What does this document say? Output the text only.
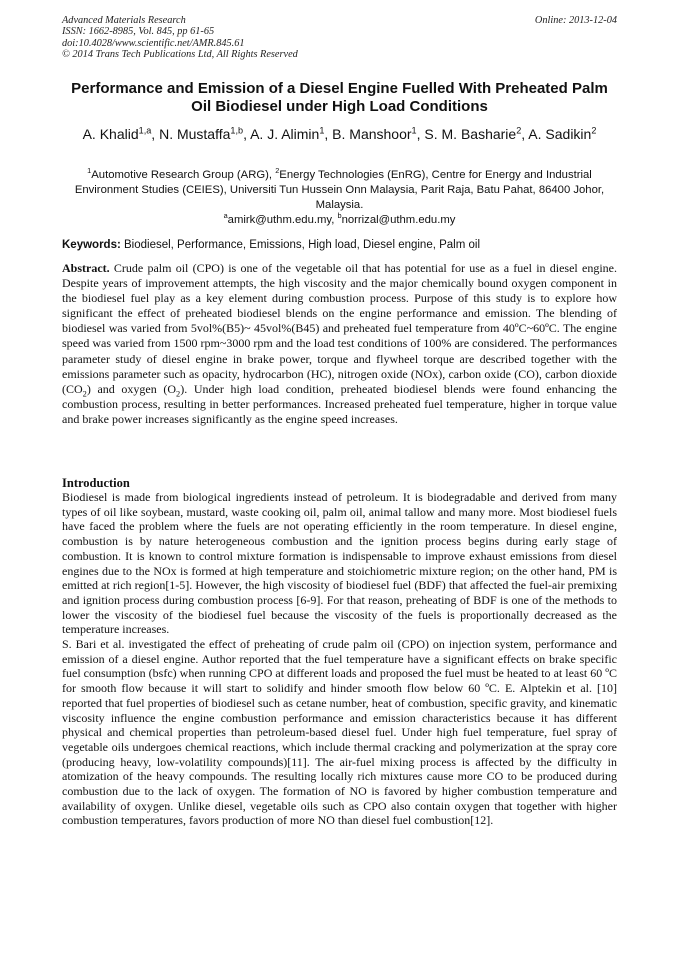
Advanced Materials Research
ISSN: 1662-8985, Vol. 845, pp 61-65
doi:10.4028/www.scientific.net/AMR.845.61
© 2014 Trans Tech Publications Ltd, All Rights Reserved
Online: 2013-12-04
Performance and Emission of a Diesel Engine Fuelled With Preheated Palm Oil Biodiesel under High Load Conditions
A. Khalid$^{1,a}$, N. Mustaffa$^{1,b}$, A. J. Alimin$^1$, B. Manshoor$^1$, S. M. Basharie$^2$, A. Sadikin$^2$
$^1$Automotive Research Group (ARG), $^2$Energy Technologies (EnRG), Centre for Energy and Industrial Environment Studies (CEIES), Universiti Tun Hussein Onn Malaysia, Parit Raja, Batu Pahat, 86400 Johor, Malaysia.
$^a$amirk@uthm.edu.my, $^b$norrizal@uthm.edu.my
Keywords: Biodiesel, Performance, Emissions, High load, Diesel engine, Palm oil
Abstract. Crude palm oil (CPO) is one of the vegetable oil that has potential for use as a fuel in diesel engine. Despite years of improvement attempts, the high viscosity and the major chemically bound oxygen component in the biodiesel fuel play as a key element during combustion process. Purpose of this study is to explore how significant the effect of preheated biodiesel blends on the engine performance and emission. The blending of biodiesel was varied from 5vol%(B5)~ 45vol%(B45) and preheated fuel temperature from 40ºC~60ºC. The engine speed was varied from 1500 rpm~3000 rpm and the load test conditions of 100% are considered. The performances parameter study of diesel engine in brake power, torque and flywheel torque are described together with the emissions parameter such as opacity, hydrocarbon (HC), nitrogen oxide (NOx), carbon oxide (CO), carbon dioxide $(CO_2)$ and oxygen $(O_2)$. Under high load condition, preheated biodiesel blends were found enhancing the combustion process, resulting in better performances. Increased preheated fuel temperature, higher in torque value and brake power increases significantly as the engine speed increases.
Introduction

Biodiesel is made from biological ingredients instead of petroleum. It is biodegradable and derived from many types of oil like soybean, mustard, waste cooking oil, palm oil, animal tallow and many more. Most biodiesel fuels have faced the problem where the fuels are not operating efficiently in the room temperature. In diesel engine, combustion is by nature heterogeneous combustion and the ignition process begins during early stage of combustion. It is known to control mixture formation is indispensable to improve exhaust emissions from diesel engines due to the NOx is formed at high temperature and stoichiometric mixture region; on the other hand, PM is emitted at rich region[1-5]. However, the high viscosity of biodiesel fuel (BDF) that affected the fuel-air premixing and ignition process during combustion process [6-9]. For that reason, preheating of BDF is one of the methods to lower the viscosity of the biodiesel fuel because the viscosity of the fuels is proportionally decreased as the temperature increases.

S. Bari et al. investigated the effect of preheating of crude palm oil (CPO) on injection system, performance and emission of a diesel engine. Author reported that the fuel temperature have a significant effects on brake specific fuel consumption (bsfc) when running CPO at different loads and proposed the fuel must be heated to at least 60 ºC for smooth flow because it will start to solidify and hinder smooth flow below 60 ºC. E. Alptekin et al. [10] reported that fuel properties of biodiesel such as cetane number, heat of combustion, specific gravity, and kinematic viscosity influence the engine combustion performance and emission characteristics because it has different physical and chemical properties than petroleum-based diesel fuel. Under high fuel temperature, fuel spray of vegetable oils undergoes chemical reactions, which include thermal cracking and polymerization at the spray core (producing heavy, low-volatility compounds)[11]. The air-fuel mixing process is affected by the difficulty in atomization of the heavy compounds. The resulting locally rich mixtures cause more CO to be produced during combustion due to the lack of oxygen. The formation of NO is favored by higher combustion temperature and availability of oxygen. Unlike diesel, vegetable oils such as CPO also contain oxygen that together with higher combustion temperatures, favors production of more NO than diesel fuel combustion[12].
